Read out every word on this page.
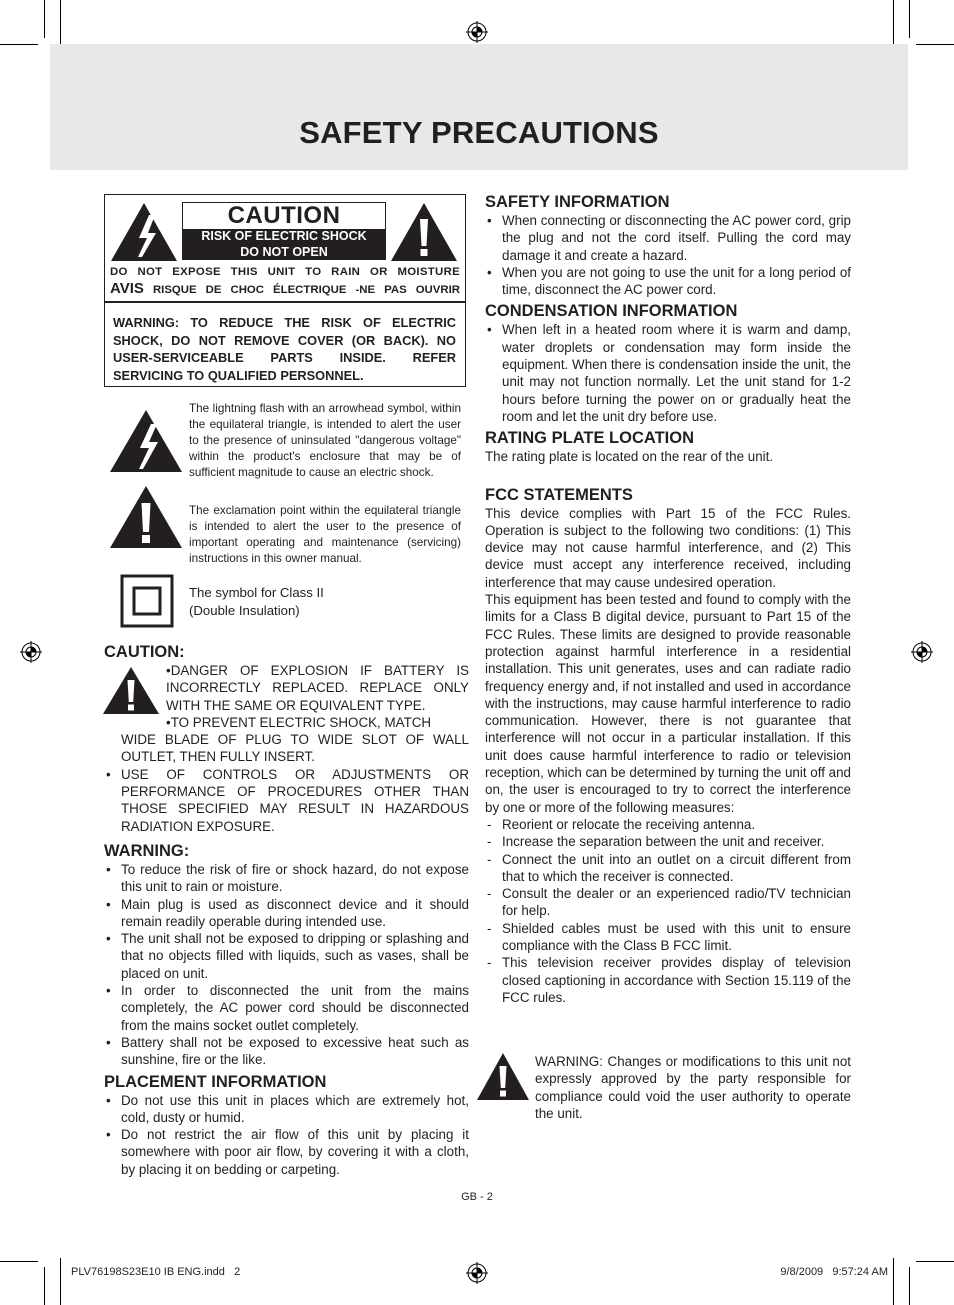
SAFETY PRECAUTIONS
CAUTION
RISK OF ELECTRIC SHOCK
DO NOT OPEN
DO NOT EXPOSE THIS UNIT TO RAIN OR MOISTURE
AVIS RISQUE DE CHOC ÉLECTRIQUE -NE PAS OUVRIR
WARNING: TO REDUCE THE RISK OF ELECTRIC SHOCK, DO NOT REMOVE COVER (OR BACK). NO USER-SERVICEABLE PARTS INSIDE. REFER SERVICING TO QUALIFIED PERSONNEL.
The lightning flash with an arrowhead symbol, within the equilateral triangle, is intended to alert the user to the presence of uninsulated "dangerous voltage" within the product's enclosure that may be of sufficient magnitude to cause an electric shock.
The exclamation point within the equilateral triangle is intended to alert the user to the presence of important operating and maintenance (servicing) instructions in this owner manual.
The symbol for Class II
(Double Insulation)
CAUTION:
•DANGER OF EXPLOSION IF BATTERY IS INCORRECTLY REPLACED. REPLACE ONLY WITH THE SAME OR EQUIVALENT TYPE.
•TO PREVENT ELECTRIC SHOCK, MATCH
WIDE BLADE OF PLUG TO WIDE SLOT OF WALL OUTLET, THEN FULLY INSERT.
• USE OF CONTROLS OR ADJUSTMENTS OR PERFORMANCE OF PROCEDURES OTHER THAN THOSE SPECIFIED MAY RESULT IN HAZARDOUS RADIATION EXPOSURE.
WARNING:
• To reduce the risk of fire or shock hazard, do not expose this unit to rain or moisture.
• Main plug is used as disconnect device and it should remain readily operable during intended use.
• The unit shall not be exposed to dripping or splashing and that no objects filled with liquids, such as vases, shall be placed on unit.
• In order to disconnected the unit from the mains completely, the AC power cord should be disconnected from the mains socket outlet completely.
• Battery shall not be exposed to excessive heat such as sunshine, fire or the like.
PLACEMENT INFORMATION
• Do not use this unit in places which are extremely hot, cold, dusty or humid.
• Do not restrict the air flow of this unit by placing it somewhere with poor air flow, by covering it with a cloth, by placing it on bedding or carpeting.
SAFETY INFORMATION
• When connecting or disconnecting the AC power cord, grip the plug and not the cord itself. Pulling the cord may damage it and create a hazard.
• When you are not going to use the unit for a long period of time, disconnect the AC power cord.
CONDENSATION INFORMATION
• When left in a heated room where it is warm and damp, water droplets or condensation may form inside the equipment. When there is condensation inside the unit, the unit may not function normally. Let the unit stand for 1-2 hours before turning the power on or gradually heat the room and let the unit dry before use.
RATING PLATE LOCATION
The rating plate is located on the rear of the unit.
FCC STATEMENTS
This device complies with Part 15 of the FCC Rules. Operation is subject to the following two conditions: (1) This device may not cause harmful interference, and (2) This device must accept any interference received, including interference that may cause undesired operation.
This equipment has been tested and found to comply with the limits for a Class B digital device, pursuant to Part 15 of the FCC Rules. These limits are designed to provide reasonable protection against harmful interference in a residential installation. This unit generates, uses and can radiate radio frequency energy and, if not installed and used in accordance with the instructions, may cause harmful interference to radio communication. However, there is not guarantee that interference will not occur in a particular installation. If this unit does cause harmful interference to radio or television reception, which can be determined by turning the unit off and on, the user is encouraged to try to correct the interference by one or more of the following measures:
- Reorient or relocate the receiving antenna.
- Increase the separation between the unit and receiver.
- Connect the unit into an outlet on a circuit different from that to which the receiver is connected.
- Consult the dealer or an experienced radio/TV technician for help.
- Shielded cables must be used with this unit to ensure compliance with the Class B FCC limit.
- This television receiver provides display of television closed captioning in accordance with Section 15.119 of the FCC rules.
WARNING: Changes or modifications to this unit not expressly approved by the party responsible for compliance could void the user authority to operate the unit.
GB - 2
PLV76198S23E10 IB ENG.indd   2	9/8/2009   9:57:24 AM
